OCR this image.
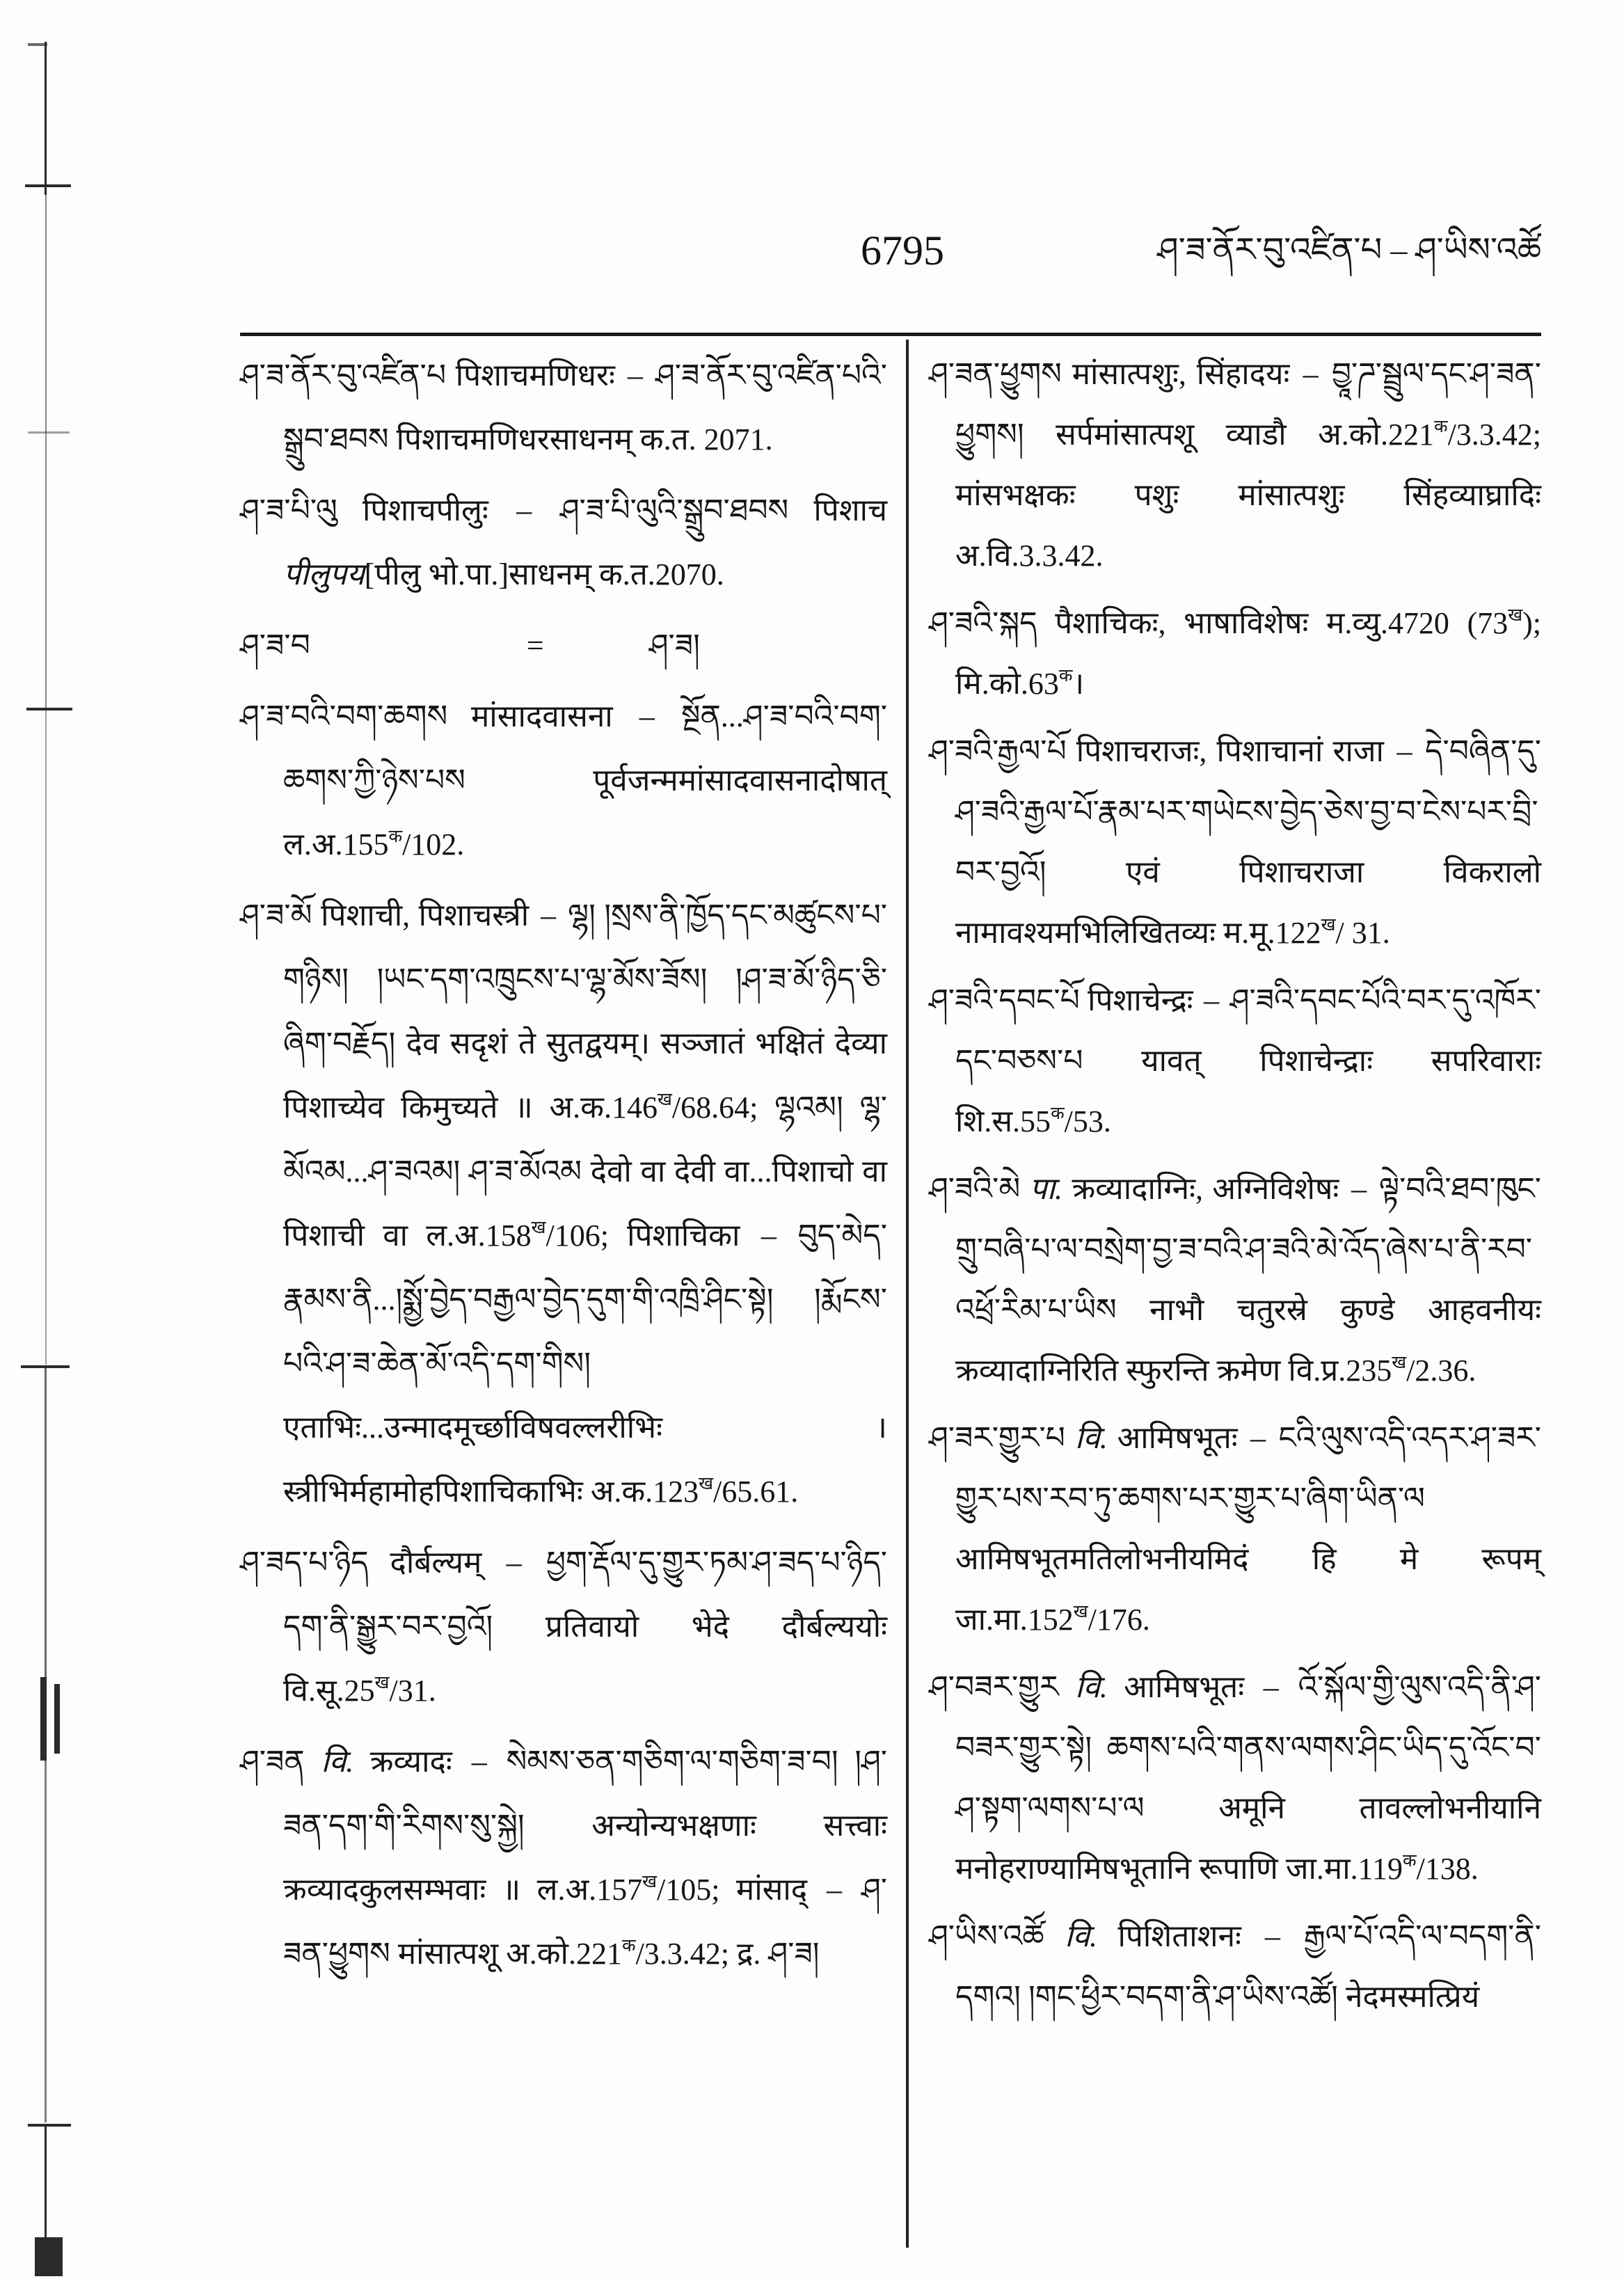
6795	ཤ་ཟ་ནོར་བུ་འཛིན་པ – ཤ་ཡིས་འཚོ
ཤ་ཟ་ནོར་བུ་འཛིན་པ पिशाचमणिधरः – ཤ་ཟ་ནོར་བུ་འཛིན་པའི་སྒྲུབ་ཐབས पिशाचमणिधरसाधनम् क.त. 2071.
ཤ་ཟ་པི་ལུ पिशाचपीलुः – ཤ་ཟ་པི་ལུའི་སྒྲུབ་ཐབས पिशाच पीलुपय[पीलु भो.पा.]साधनम् क.त.2070.
ཤ་ཟ་བ	=	ཤ་ཟ།
ཤ་ཟ་བའི་བག་ཆགས मांसादवासना – སྔོན...ཤ་ཟ་བའི་བག་ཆགས་ཀྱི་ཉེས་པས	पूर्वजन्ममांसादवासनादोषात् $ल.अ.155^क/102$.
ཤ་ཟ་མོ पिशाची, पिशाचस्त्री – ལྷ། །སྲས་ནི་ཁྱོད་དང་མཚུངས་པ་གཉིས། །ཡང་དག་འཁྲུངས་པ་ལྷ་མོས་ཟོས། །ཤ་ཟ་མོ་ཉིད་ཅི་ཞིག་བརྗོད། देव सदृशं ते सुतद्वयम्। सञ्जातं भक्षितं देव्या पिशाच्येव किमुच्यते ॥ $अ.क.146^ख/68.64$; ལྷའམ། ལྷ་མོའམ...ཤ་ཟའམ། ཤ་ཟ་མོའམ देवो वा देवी वा...पिशाचो वा पिशाची वा $ल.अ.158^ख/106$; पिशाचिका – བུད་མེད་རྣམས་ནི...།སྨྱོ་བྱེད་བརྒྱལ་བྱེད་དུག་གི་འཁྲི་ཤིང་སྟེ། །རྨོངས་པའི་ཤ་ཟ་ཆེན་མོ་འདི་དག་གིས། एताभिः...उन्मादमूर्च्छाविषवल्लरीभिः । स्त्रीभिर्महामोहपिशाचिकाभिः $अ.क.123^ख/65.61$.
ཤ་ཟད་པ་ཉིད दौर्बल्यम् – ཕྱག་རྡོལ་དུ་གྱུར་ཏམ་ཤ་ཟད་པ་ཉིད་དག་ནི་སྒྱུར་བར་བྱའོ། प्रतिवायो भेदे दौर्बल्ययोः $वि.सू.25^ख/31$.
ཤ་ཟན वि. क्रव्यादः – སེམས་ཅན་གཅིག་ལ་གཅིག་ཟ་བ། །ཤ་ཟན་དག་གི་རིགས་སུ་སྐྱེ། अन्योन्यभक्षणाः सत्त्वाः क्रव्यादकुलसम्भवाः ॥ $ल.अ.157^ख/105$; मांसाद् – ཤ་ཟན་ཕྱུགས मांसात्पशू $अ.को.221^क/3.3.42$; द्र. ཤ་ཟ།
ཤ་ཟན་ཕྱུགས मांसात्पशुः, सिंहादयः – བྱཱ་ཌ་སྦྲུལ་དང་ཤ་ཟན་ཕྱུགས། सर्पमांसात्पशू व्याडौ $अ.को.221^क/3.3.42$; मांसभक्षकः पशुः मांसात्पशुः सिंहव्याघ्रादिः अ.वि.3.3.42.
ཤ་ཟའི་སྐད पैशाचिकः, भाषाविशेषः म.व्यु.4720 $(73^ख)$; $मि.को.63^क।$
ཤ་ཟའི་རྒྱལ་པོ पिशाचराजः, पिशाचानां राजा – དེ་བཞིན་དུ་ཤ་ཟའི་རྒྱལ་པོ་རྣམ་པར་གཡེངས་བྱེད་ཅེས་བྱ་བ་ངེས་པར་བྲི་བར་བྱའོ།	एवं पिशाचराजा विकरालो नामावश्यमभिलिखितव्यः $म.मू.122^ख/$ 31.
ཤ་ཟའི་དབང་པོ पिशाचेन्द्रः – ཤ་ཟའི་དབང་པོའི་བར་དུ་འཁོར་དང་བཅས་པ यावत् पिशाचेन्द्राः सपरिवाराः $शि.स.55^क/53$.
ཤ་ཟའི་མེ पा. क्रव्यादाग्निः, अग्निविशेषः – ལྟེ་བའི་ཐབ་ཁུང་གྲུ་བཞི་པ་ལ་བསྲེག་བྱ་ཟ་བའི་ཤ་ཟའི་མེ་འོད་ཞེས་པ་ནི་རབ་འཕྲོ་རིམ་པ་ཡིས नाभौ चतुरस्रे कुण्डे आहवनीयः क्रव्यादाग्निरिति स्फुरन्ति क्रमेण $वि.प्र.235^ख/2.36$.
ཤ་ཟར་གྱུར་པ वि. आमिषभूतः – ངའི་ལུས་འདི་འདར་ཤ་ཟར་གྱུར་པས་རབ་ཏུ་ཆགས་པར་གྱུར་པ་ཞིག་ཡིན་ལ आमिषभूतमतिलोभनीयमिदं हि मे रूपम् $जा.मा.152^ख/176$.
ཤ་བཟར་གྱུར वि. आमिषभूतः – འོ་སྐོལ་གྱི་ལུས་འདི་ནི་ཤ་བཟར་གྱུར་སྟེ། ཆགས་པའི་གནས་ལགས་ཤིང་ཡིད་དུ་འོང་བ་ཤ་སྟག་ལགས་པ་ལ अमूनि तावल्लोभनीयानि मनोहराण्यामिषभूतानि रूपाणि $जा.मा.119^क/138$.
ཤ་ཡིས་འཚོ वि. पिशिताशनः – རྒྱལ་པོ་འདི་ལ་བདག་ནི་དགའ། །གང་ཕྱིར་བདག་ནི་ཤ་ཡིས་འཚོ། नेदमस्मत्प्रियं
